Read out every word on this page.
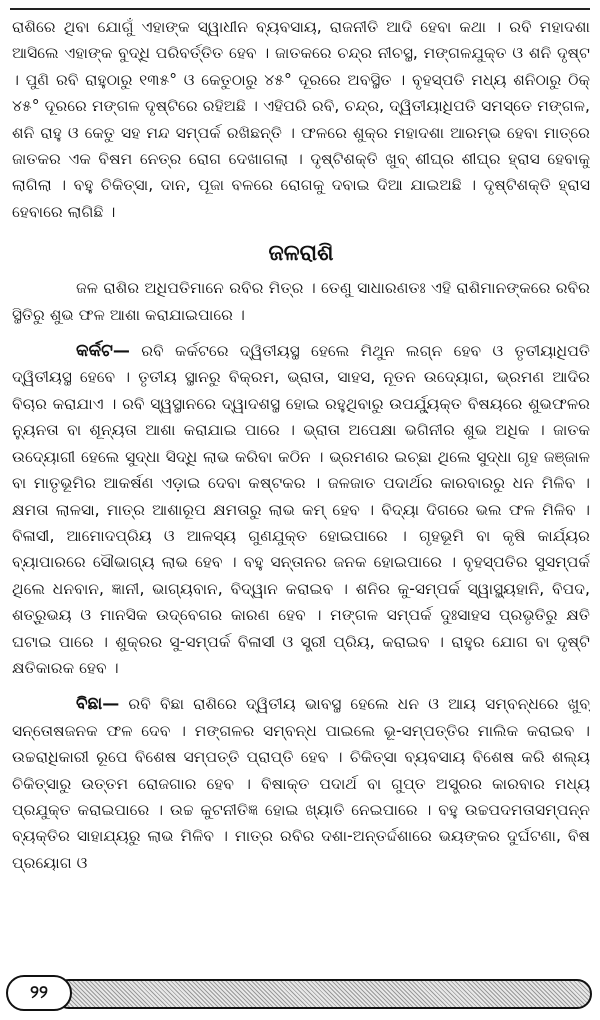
ରାଶିରେ ଥିବା ଯୋଗୁଁ ଏହାଙ୍କ ସ୍ୱାଧୀନ ବ୍ୟବସାୟ, ରାଜନୀତି ଆଦି ହେବା କଥା । ରବି ମହାଦଶା ଆସିଲେ ଏହାଙ୍କ ବୁଦ୍ଧି ପରିବର୍ତ୍ତିତ ହେବ । ଜାତକରେ ଚନ୍ଦ୍ର ନୀଚସ୍ଥ, ମଙ୍ଗଳଯୁକ୍ତ ଓ ଶନି ଦୃଷ୍ଟ । ପୁଣି ରବି ରାହୁଠାରୁ ୧୩୫° ଓ କେତୁଠାରୁ ୪୫° ଦୂରରେ ଅବସ୍ଥିତ । ବୃହସ୍ପତି ମଧ୍ୟ ଶନିଠାରୁ ଠିକ୍ ୪୫° ଦୂରରେ ମଙ୍ଗଳ ଦୃଷ୍ଟିରେ ରହିଅଛି । ଏହିପରି ରବି, ଚନ୍ଦ୍ର, ଦ୍ୱିତୀୟାଧିପତି ସମସ୍ତେ ମଙ୍ଗଳ, ଶନି ରାହୁ ଓ କେତୁ ସହ ମନ୍ଦ ସମ୍ପର୍କ ରଖିଛନ୍ତି । ଫଳରେ ଶୁକ୍ର ମହାଦଶା ଆରମ୍ଭ ହେବା ମାତ୍ରେ ଜାତକର ଏକ ବିଷମ ନେତ୍ର ରୋଗ ଦେଖାଗଲା । ଦୃଷ୍ଟିଶକ୍ତି ଖୁବ୍ ଶୀଘ୍ର ଶୀଘ୍ର ହ୍ରାସ ହେବାକୁ ଲାଗିଲା । ବହୁ ଚିକିତ୍ସା, ଦାନ, ପୂଜା ବଳରେ ରୋଗକୁ ଦବାଇ ଦିଆ ଯାଇଅଛି । ଦୃଷ୍ଟିଶକ୍ତି ହ୍ରାସ ହେବାରେ ଲାଗିଛି ।

ଜଳରାଶି

ଜଳ ରାଶିର ଅଧିପତିମାନେ ରବିର ମିତ୍ର । ତେଣୁ ସାଧାରଣତଃ ଏହି ରାଶିମାନଙ୍କରେ ରବିର ସ୍ଥିତିରୁ ଶୁଭ ଫଳ ଆଶା କରାଯାଇପାରେ ।

କର୍କଟ— ରବି କର୍କଟରେ ଦ୍ୱିତୀୟସ୍ଥ ହେଲେ ମିଥୁନ ଲଗ୍ନ ହେବ ଓ ତୃତୀୟାଧିପତି ଦ୍ୱିତୀୟସ୍ଥ ହେବେ । ତୃତୀୟ ସ୍ଥାନରୁ ବିକ୍ରମ, ଭ୍ରାତା, ସାହସ, ନୂତନ ଉଦ୍ୟୋଗ, ଭ୍ରମଣ ଆଦିର ବିଚାର କରାଯାଏ । ରବି ସ୍ୱସ୍ଥାନରେ ଦ୍ୱାଦଶସ୍ଥ ହୋଇ ରହୁଥିବାରୁ ଉପର୍ଯ୍ୟୁକ୍ତ ବିଷୟରେ ଶୁଭଫଳର ନ୍ୟୁନତା ବା ଶୂନ୍ୟତା ଆଶା କରାଯାଇ ପାରେ । ଭ୍ରାତା ଅପେକ୍ଷା ଭଗିନୀର ଶୁଭ ଅଧିକ । ଜାତକ ଉଦ୍ୟୋଗୀ ହେଲେ ସୁଦ୍ଧା ସିଦ୍ଧି ଲାଭ କରିବା କଠିନ । ଭ୍ରମଣର ଇଚ୍ଛା ଥିଲେ ସୁଦ୍ଧା ଗୃହ ଜଞ୍ଜାଳ ବା ମାତୃଭୂମିର ଆକର୍ଷଣ ଏଡ଼ାଇ ଦେବା କଷ୍ଟକର । ଜଳଜାତ ପଦାର୍ଥର କାରବାରରୁ ଧନ ମିଳିବ । କ୍ଷମତା ଲାଳସା, ମାତ୍ର ଆଶାରୂପ କ୍ଷମତାରୁ ଲାଭ କମ୍ ହେବ । ବିଦ୍ୟା ଦିଗରେ ଭଲ ଫଳ ମିଳିବ । ବିଳାସୀ, ଆମୋଦପ୍ରିୟ ଓ ଆଳସ୍ୟ ଗୁଣଯୁକ୍ତ ହୋଇପାରେ । ଗୃହଭୂମି ବା କୃଷି କାର୍ଯ୍ୟର ବ୍ୟାପାରରେ ସୌଭାଗ୍ୟ ଲାଭ ହେବ । ବହୁ ସନ୍ତାନର ଜନକ ହୋଇପାରେ । ବୃହସ୍ପତିର ସୁସମ୍ପର୍କ ଥିଲେ ଧନବାନ, ଜ୍ଞାନୀ, ଭାଗ୍ୟବାନ, ବିଦ୍ୱାନ କରାଇବ । ଶନିର କୁ-ସମ୍ପର୍କ ସ୍ୱାସ୍ଥ୍ୟହାନି, ବିପଦ, ଶତ୍ରୁଭୟ ଓ ମାନସିକ ଉଦ୍‌ବେଗର କାରଣ ହେବ । ମଙ୍ଗଳ ସମ୍ପର୍କ ଦୁଃସାହସ ପ୍ରଭୃତିରୁ କ୍ଷତି ଘଟାଇ ପାରେ । ଶୁକ୍ରର ସୁ-ସମ୍ପର୍କ ବିଳାସୀ ଓ ସ୍ତ୍ରୀ ପ୍ରିୟ, କରାଇବ । ରାହୁର ଯୋଗ ବା ଦୃଷ୍ଟି କ୍ଷତିକାରକ ହେବ ।

ବିଛା— ରବି ବିଛା ରାଶିରେ ଦ୍ୱିତୀୟ ଭାବସ୍ଥ ହେଲେ ଧନ ଓ ଆୟ ସମ୍ବନ୍ଧରେ ଖୁବ୍ ସନ୍ତୋଷଜନକ ଫଳ ଦେବ । ମଙ୍ଗଳର ସମ୍ବନ୍ଧ ପାଇଲେ ଭୂ-ସମ୍ପତ୍ତିର ମାଲିକ କରାଇବ । ଉଚ୍ଚରାଧିକାରୀ ରୂପେ ବିଶେଷ ସମ୍ପତ୍ତି ପ୍ରାପ୍ତି ହେବ । ଚିକିତ୍ସା ବ୍ୟବସାୟ ବିଶେଷ କରି ଶଲ୍ୟ ଚିକିତ୍ସାରୁ ଉତ୍ତମ ରୋଜଗାର ହେବ । ବିଷାକ୍ତ ପଦାର୍ଥ ବା ଗୁପ୍ତ ଅସ୍ତ୍ରର କାରବାର ମଧ୍ୟ ପ୍ରଯୁକ୍ତ କରାଇପାରେ । ଉଚ୍ଚ କୁଟନୀତିଜ୍ଞ ହୋଇ ଖ୍ୟାତି ନେଇପାରେ । ବହୁ ଉଚ୍ଚପଦମତାସମ୍ପନ୍ନ ବ୍ୟକ୍ତିର ସାହାଯ୍ୟରୁ ଲାଭ ମିଳିବ । ମାତ୍ର ରବିର ଦଶା-ଅନ୍ତର୍ଦ୍ଦଶାରେ ଭୟଙ୍କର ଦୁର୍ଘଟଣା, ବିଷ ପ୍ରୟୋଗ ଓ

୨୨
